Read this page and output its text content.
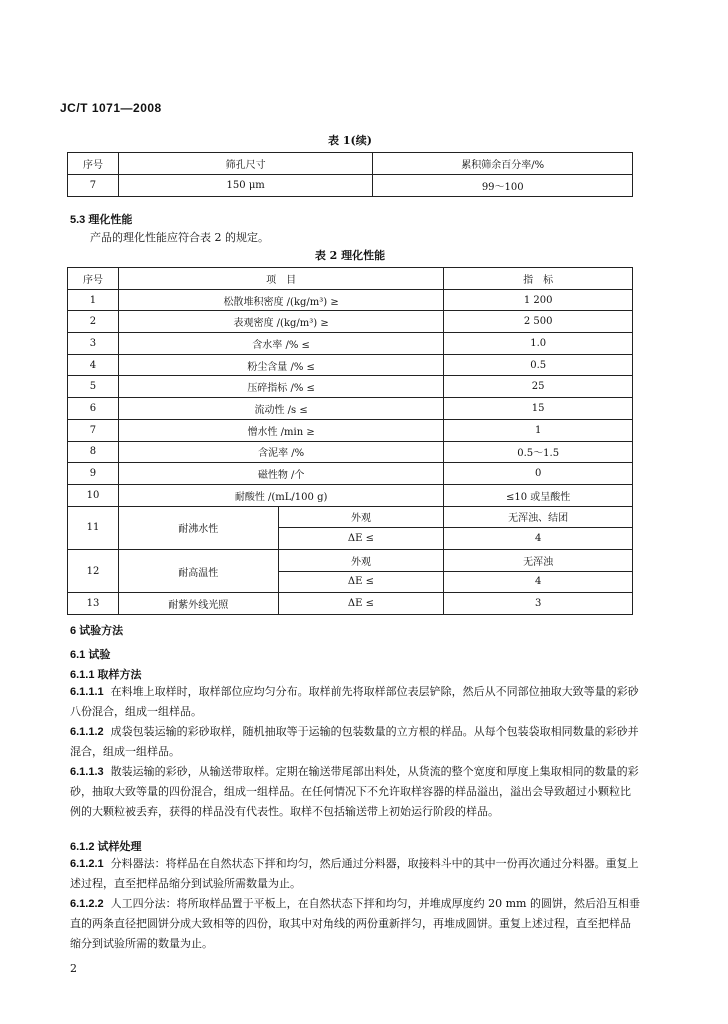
JC/T 1071—2008
表 1(续)
序号	筛孔尺寸	累积筛余百分率/%
7	150 μm	99～100
5.3 理化性能
产品的理化性能应符合表 2 的规定。
表 2 理化性能
序号	项　目		指　标
1	松散堆积密度 /(kg/m³) ≥		1 200
2	表观密度 /(kg/m³) ≥		2 500
3	含水率 /% ≤		1.0
4	粉尘含量 /% ≤		0.5
5	压碎指标 /% ≤		25
6	流动性 /s ≤		15
7	憎水性 /min ≥		1
8	含泥率 /%		0.5～1.5
9	磁性物 /个		0
10	耐酸性 /(mL/100 g)		≤10 或呈酸性
11	耐沸水性	外观	无浑浊、结团
		ΔE ≤	4
12	耐高温性	外观	无浑浊
		ΔE ≤	4
13	耐紫外线光照	ΔE ≤	3
6 试验方法
6.1 试验
6.1.1 取样方法
6.1.1.1 在料堆上取样时，取样部位应均匀分布。取样前先将取样部位表层铲除，然后从不同部位抽取大致等量的彩砂八份混合，组成一组样品。
6.1.1.2 成袋包装运输的彩砂取样，随机抽取等于运输的包装数量的立方根的样品。从每个包装袋取相同数量的彩砂并混合，组成一组样品。
6.1.1.3 散装运输的彩砂，从输送带取样。定期在输送带尾部出料处，从货流的整个宽度和厚度上集取相同的数量的彩砂，抽取大致等量的四份混合，组成一组样品。在任何情况下不允许取样容器的样品溢出，溢出会导致超过小颗粒比例的大颗粒被丢弃，获得的样品没有代表性。取样不包括输送带上初始运行阶段的样品。
6.1.2 试样处理
6.1.2.1 分料器法：将样品在自然状态下拌和均匀，然后通过分料器，取接料斗中的其中一份再次通过分料器。重复上述过程，直至把样品缩分到试验所需数量为止。
6.1.2.2 人工四分法：将所取样品置于平板上，在自然状态下拌和均匀，并堆成厚度约 20 mm 的圆饼，然后沿互相垂直的两条直径把圆饼分成大致相等的四份，取其中对角线的两份重新拌匀，再堆成圆饼。重复上述过程，直至把样品缩分到试验所需的数量为止。
2
